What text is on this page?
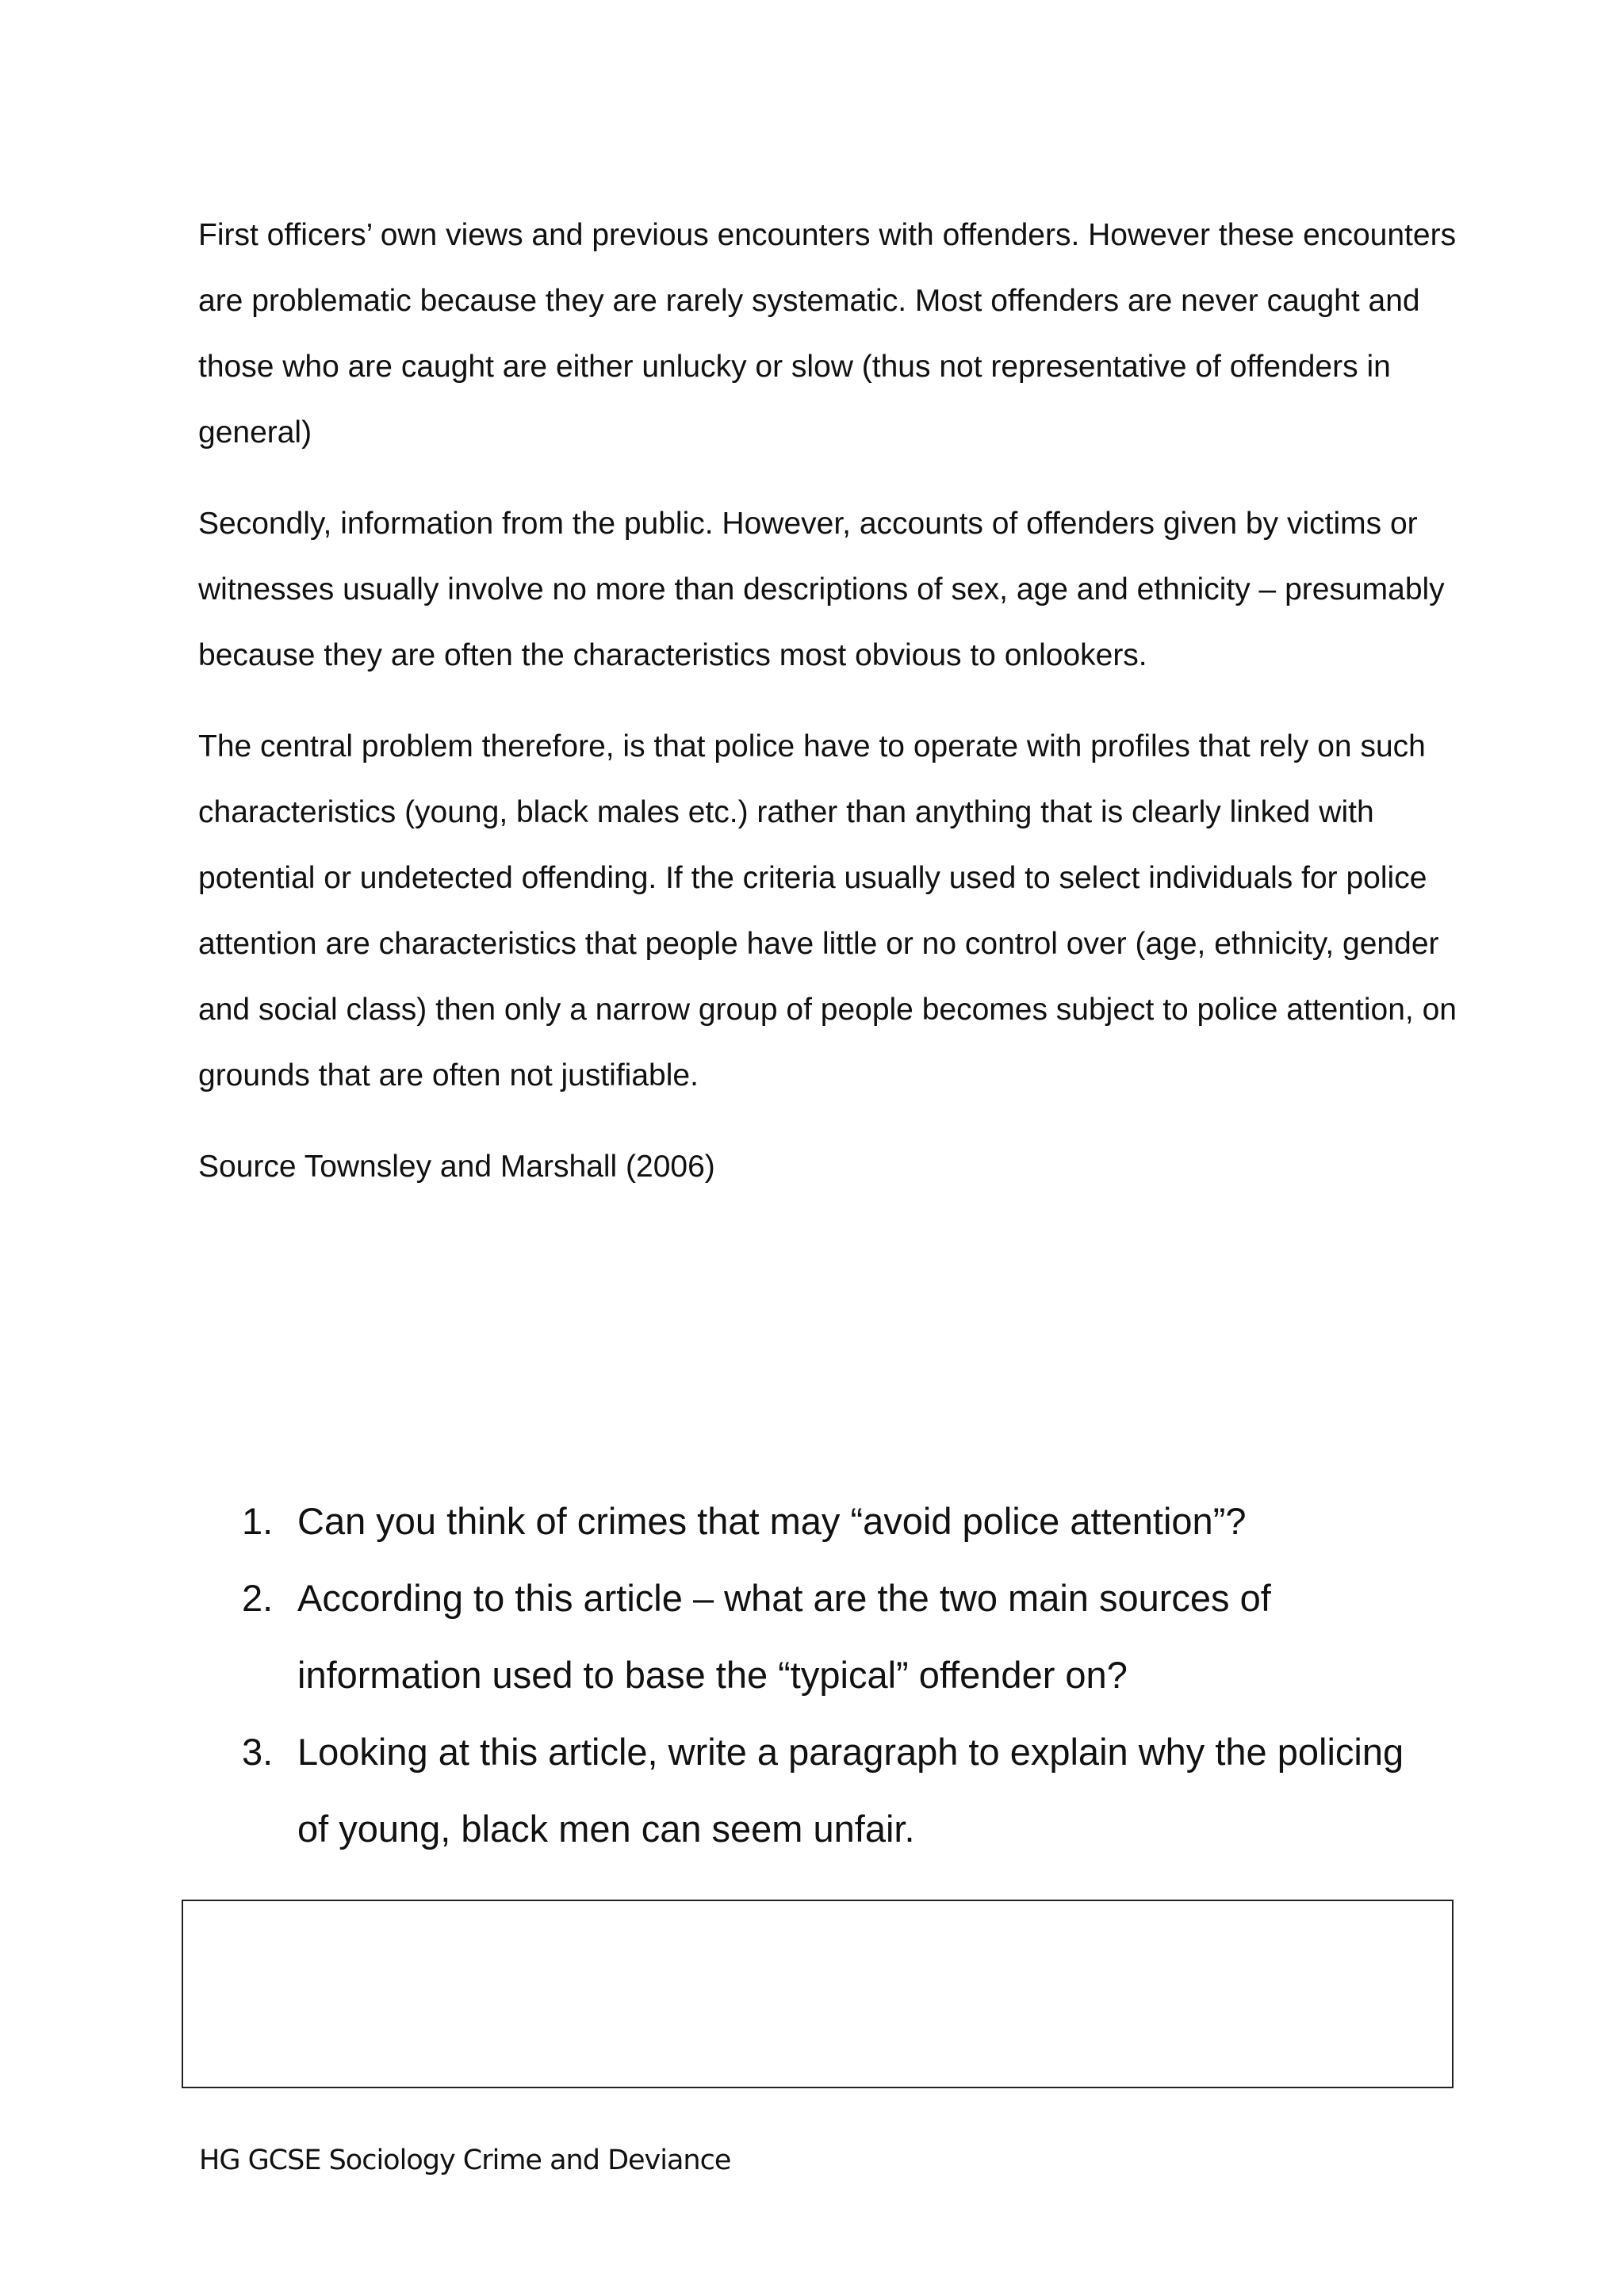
First officers’ own views and previous encounters with offenders. However these encounters are problematic because they are rarely systematic. Most offenders are never caught and those who are caught are either unlucky or slow (thus not representative of offenders in general)

Secondly, information from the public. However, accounts of offenders given by victims or witnesses usually involve no more than descriptions of sex, age and ethnicity – presumably because they are often the characteristics most obvious to onlookers.

The central problem therefore, is that police have to operate with profiles that rely on such characteristics (young, black males etc.) rather than anything that is clearly linked with potential or undetected offending. If the criteria usually used to select individuals for police attention are characteristics that people have little or no control over (age, ethnicity, gender and social class) then only a narrow group of people becomes subject to police attention, on grounds that are often not justifiable.

Source Townsley and Marshall (2006)

1. Can you think of crimes that may “avoid police attention”?
2. According to this article – what are the two main sources of information used to base the “typical” offender on?
3. Looking at this article, write a paragraph to explain why the policing of young, black men can seem unfair.
HG GCSE Sociology Crime and Deviance
